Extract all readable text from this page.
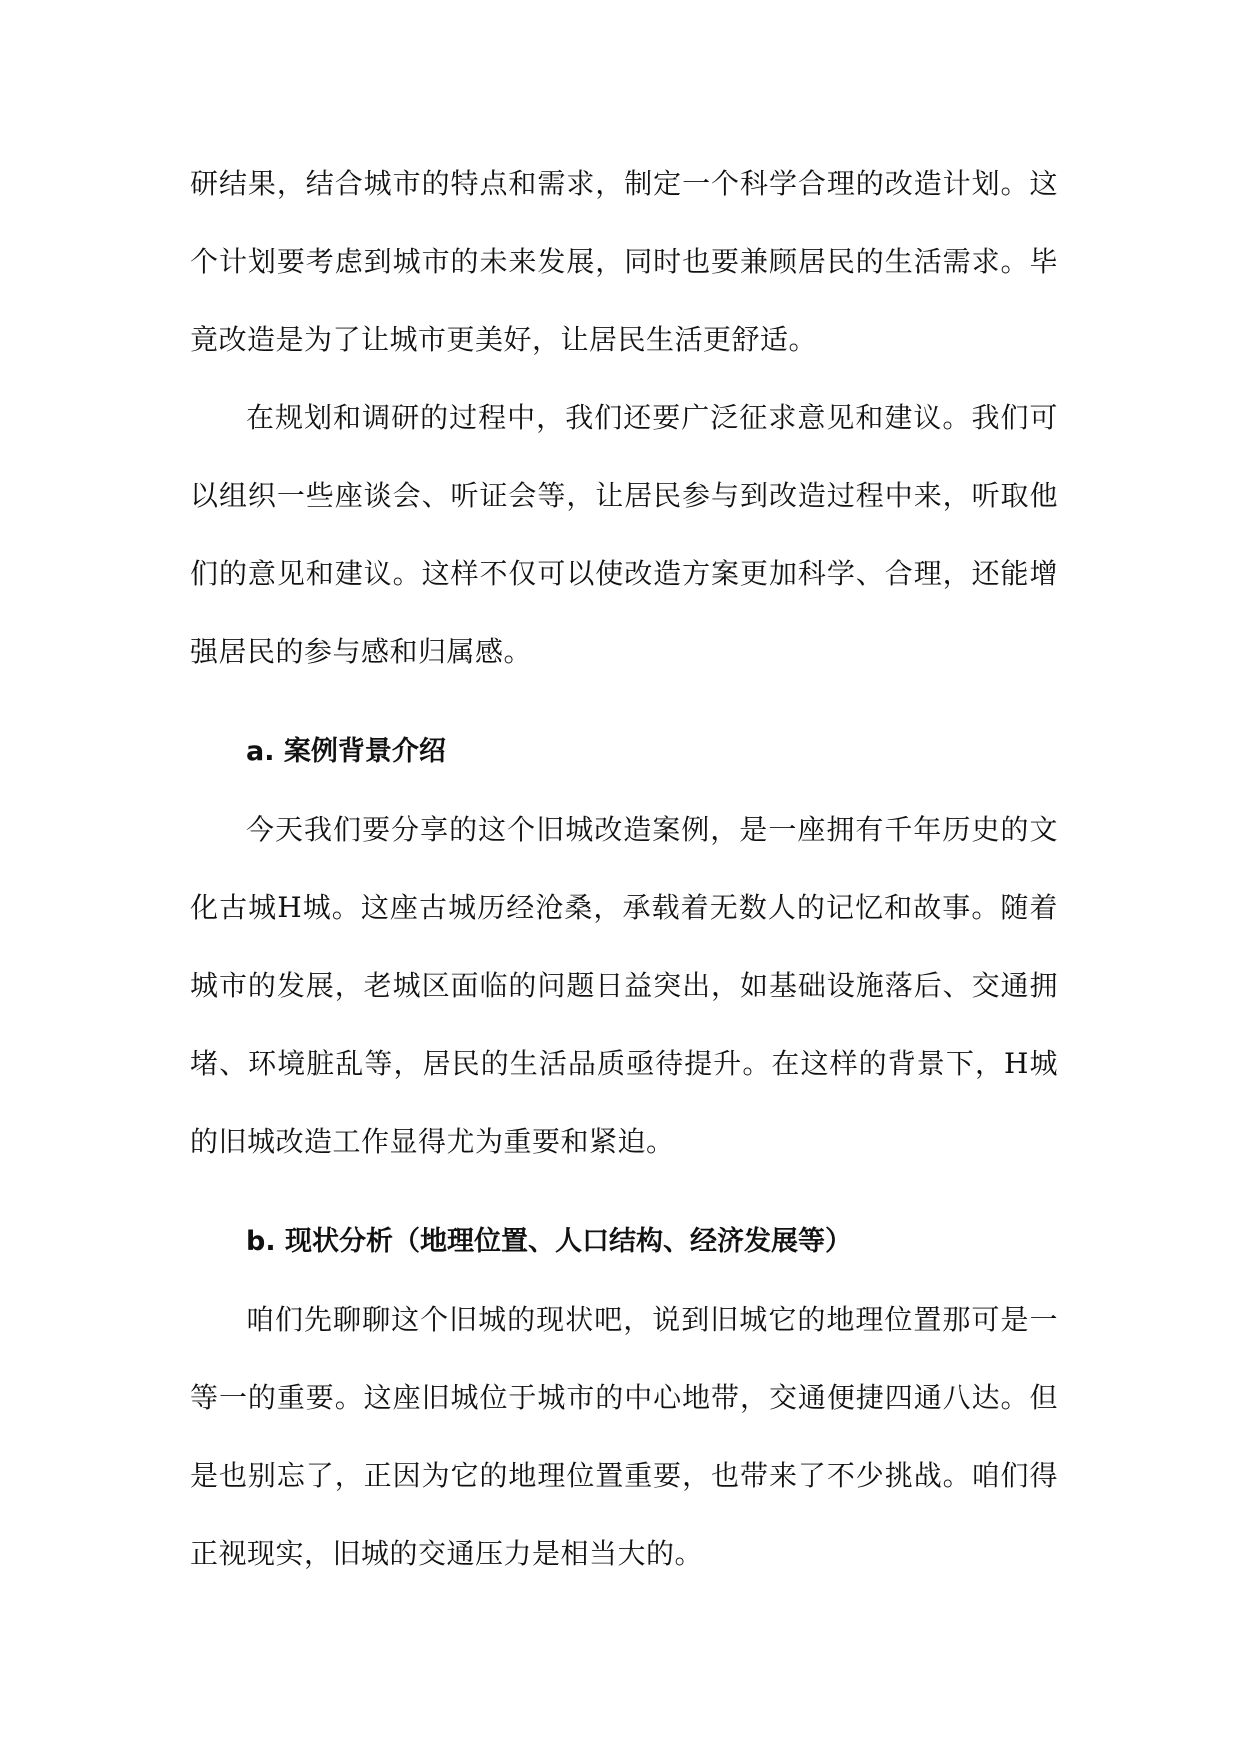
研结果，结合城市的特点和需求，制定一个科学合理的改造计划。这个计划要考虑到城市的未来发展，同时也要兼顾居民的生活需求。毕竟改造是为了让城市更美好，让居民生活更舒适。

在规划和调研的过程中，我们还要广泛征求意见和建议。我们可以组织一些座谈会、听证会等，让居民参与到改造过程中来，听取他们的意见和建议。这样不仅可以使改造方案更加科学、合理，还能增强居民的参与感和归属感。

a. 案例背景介绍

今天我们要分享的这个旧城改造案例，是一座拥有千年历史的文化古城H城。这座古城历经沧桑，承载着无数人的记忆和故事。随着城市的发展，老城区面临的问题日益突出，如基础设施落后、交通拥堵、环境脏乱等，居民的生活品质亟待提升。在这样的背景下，H城的旧城改造工作显得尤为重要和紧迫。

b. 现状分析（地理位置、人口结构、经济发展等）

咱们先聊聊这个旧城的现状吧，说到旧城它的地理位置那可是一等一的重要。这座旧城位于城市的中心地带，交通便捷四通八达。但是也别忘了，正因为它的地理位置重要，也带来了不少挑战。咱们得正视现实，旧城的交通压力是相当大的。
